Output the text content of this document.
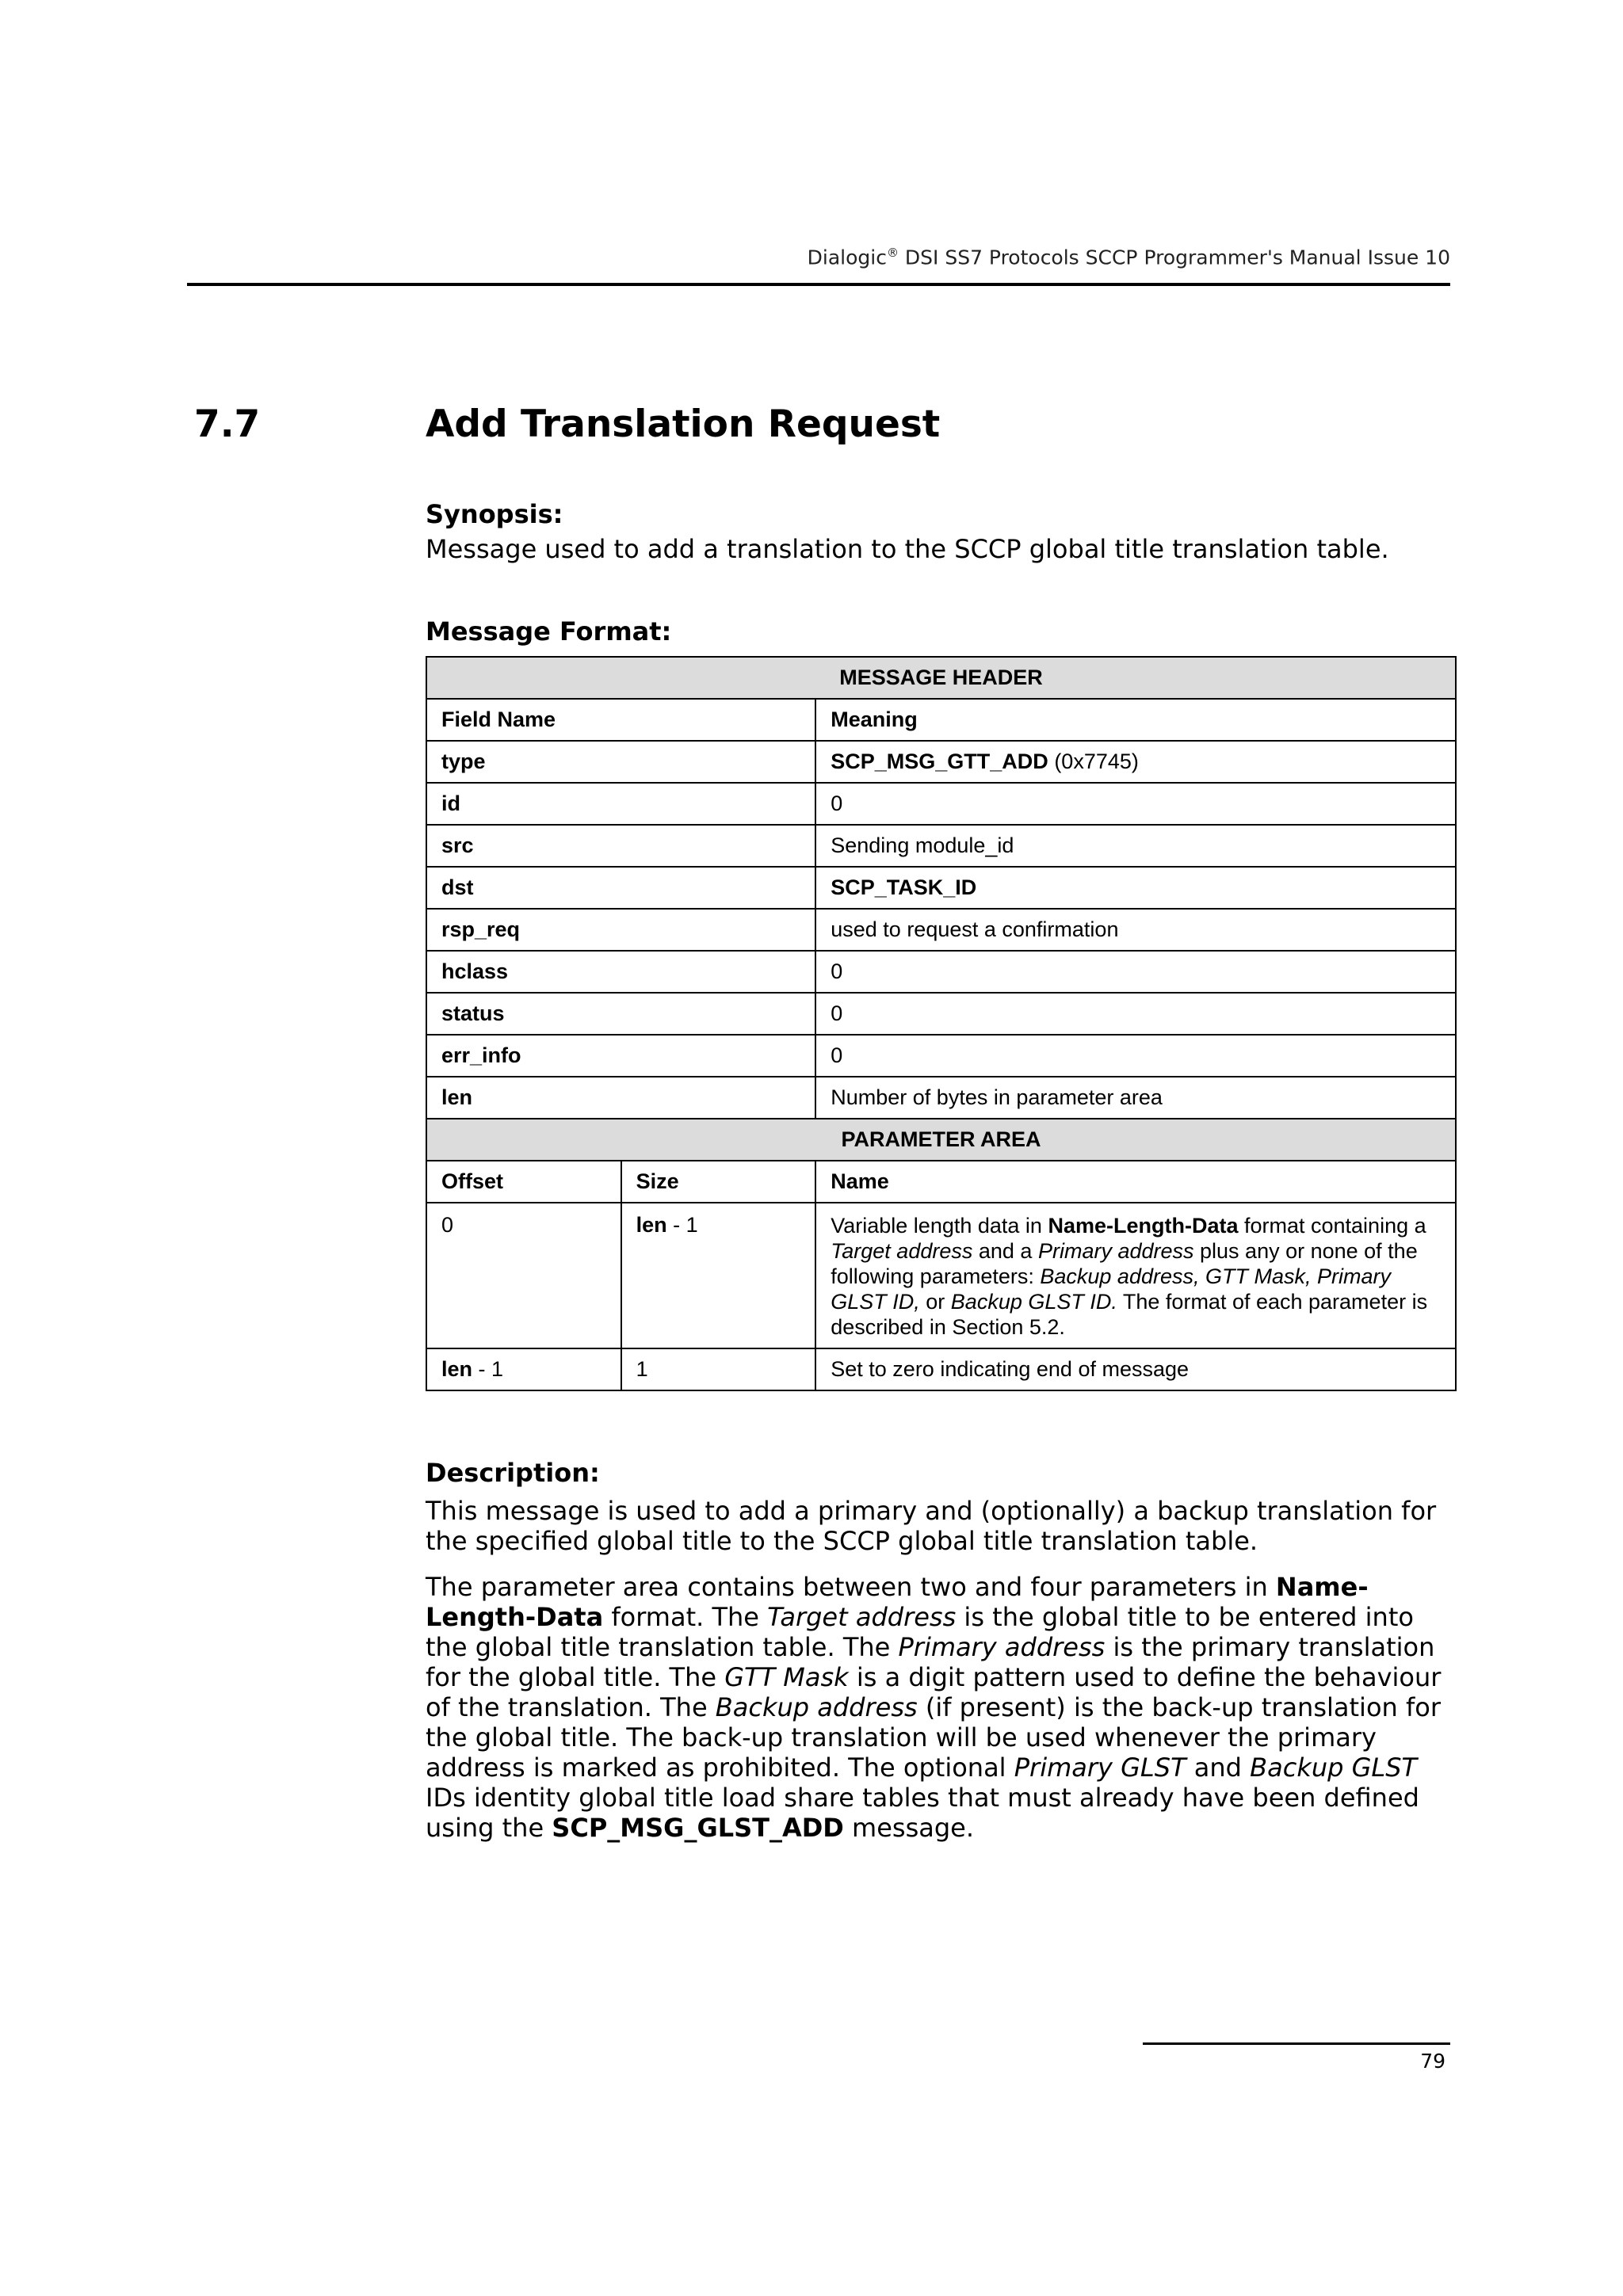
Dialogic® DSI SS7 Protocols SCCP Programmer's Manual Issue 10
7.7	Add Translation Request
Synopsis:
Message used to add a translation to the SCCP global title translation table.
Message Format:
MESSAGE HEADER		
Field Name		Meaning
type		SCP_MSG_GTT_ADD (0x7745)
id		0
src		Sending module_id
dst		SCP_TASK_ID
rsp_req		used to request a confirmation
hclass		0
status		0
err_info		0
len		Number of bytes in parameter area
PARAMETER AREA		
Offset	Size	Name
0	len - 1	Variable length data in Name-Length-Data format containing a Target address and a Primary address plus any or none of the following parameters: Backup address, GTT Mask, Primary GLST ID, or Backup GLST ID. The format of each parameter is described in Section 5.2.
len - 1	1	Set to zero indicating end of message
Description:
This message is used to add a primary and (optionally) a backup translation for the specified global title to the SCCP global title translation table.
The parameter area contains between two and four parameters in Name-Length-Data format. The Target address is the global title to be entered into the global title translation table. The Primary address is the primary translation for the global title. The GTT Mask is a digit pattern used to define the behaviour of the translation. The Backup address (if present) is the back-up translation for the global title. The back-up translation will be used whenever the primary address is marked as prohibited. The optional Primary GLST and Backup GLST IDs identity global title load share tables that must already have been defined using the SCP_MSG_GLST_ADD message.
79
